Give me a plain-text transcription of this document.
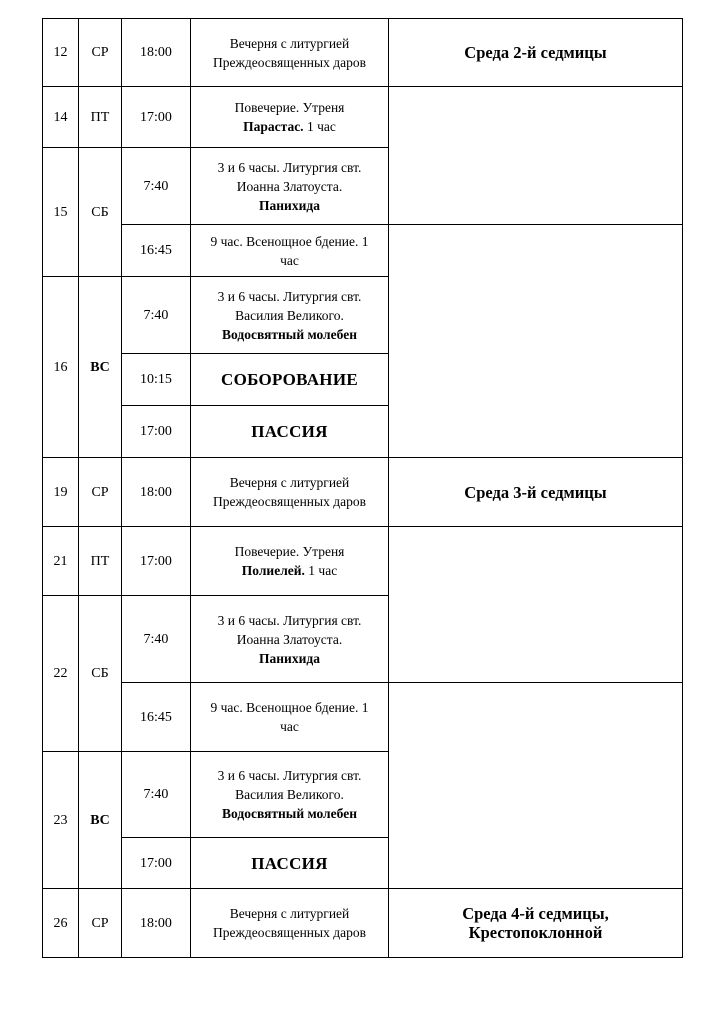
12	СР	18:00	Вечерня с литургией
Преждеосвященных даров	Среда 2-й седмицы
14	ПТ	17:00	Повечерие. Утреня
Парастас. 1 час	

15	СБ	7:40	3 и 6 часы. Литургия свт.
Иоанна Златоуста.
Панихида	
		16:45	9 час. Всенощное бдение. 1
час	

16	ВС	7:40	3 и 6 часы. Литургия свт.
Василия Великого.
Водосвятный молебен	
		10:15	СОБОРОВАНИЕ	
		17:00	ПАССИЯ	
19	СР	18:00	Вечерня с литургией
Преждеосвященных даров	Среда 3-й седмицы
21	ПТ	17:00	Повечерие. Утреня
Полиелей. 1 час	

22	СБ	7:40	3 и 6 часы. Литургия свт.
Иоанна Златоуста.
Панихида	
		16:45	9 час. Всенощное бдение. 1
час	

23	ВС	7:40	3 и 6 часы. Литургия свт.
Василия Великого.
Водосвятный молебен	
		17:00	ПАССИЯ	
26	СР	18:00	Вечерня с литургией
Преждеосвященных даров	Среда 4-й седмицы,
Крестопоклонной
